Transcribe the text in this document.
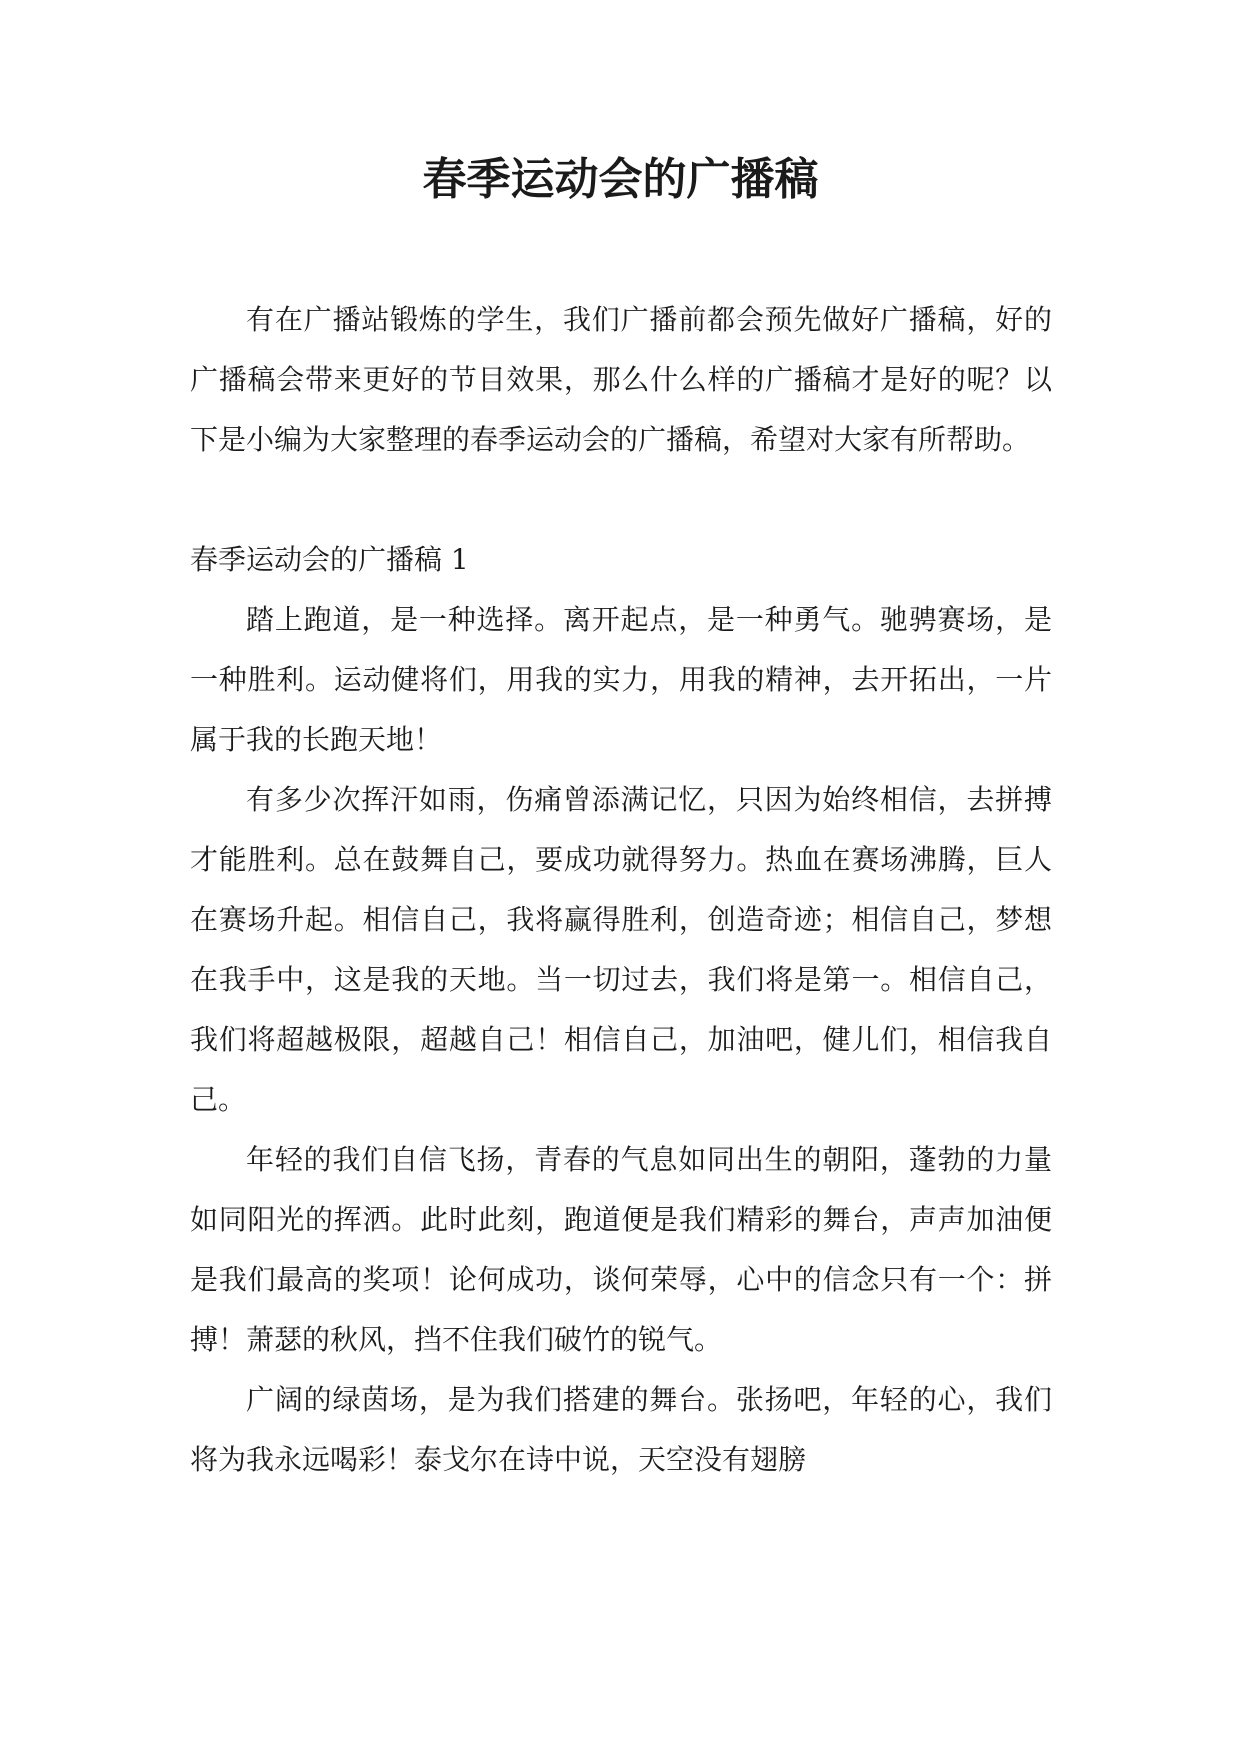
春季运动会的广播稿

有在广播站锻炼的学生，我们广播前都会预先做好广播稿，好的广播稿会带来更好的节目效果，那么什么样的广播稿才是好的呢？以下是小编为大家整理的春季运动会的广播稿，希望对大家有所帮助。

春季运动会的广播稿 1

踏上跑道，是一种选择。离开起点，是一种勇气。驰骋赛场，是一种胜利。运动健将们，用我的实力，用我的精神，去开拓出，一片属于我的长跑天地！

有多少次挥汗如雨，伤痛曾添满记忆，只因为始终相信，去拼搏才能胜利。总在鼓舞自己，要成功就得努力。热血在赛场沸腾，巨人在赛场升起。相信自己，我将赢得胜利，创造奇迹；相信自己，梦想在我手中，这是我的天地。当一切过去，我们将是第一。相信自己，我们将超越极限，超越自己！相信自己，加油吧，健儿们，相信我自己。

年轻的我们自信飞扬，青春的气息如同出生的朝阳，蓬勃的力量如同阳光的挥洒。此时此刻，跑道便是我们精彩的舞台，声声加油便是我们最高的奖项！论何成功，谈何荣辱，心中的信念只有一个：拼搏！萧瑟的秋风，挡不住我们破竹的锐气。

广阔的绿茵场，是为我们搭建的舞台。张扬吧，年轻的心，我们将为我永远喝彩！泰戈尔在诗中说，天空没有翅膀
